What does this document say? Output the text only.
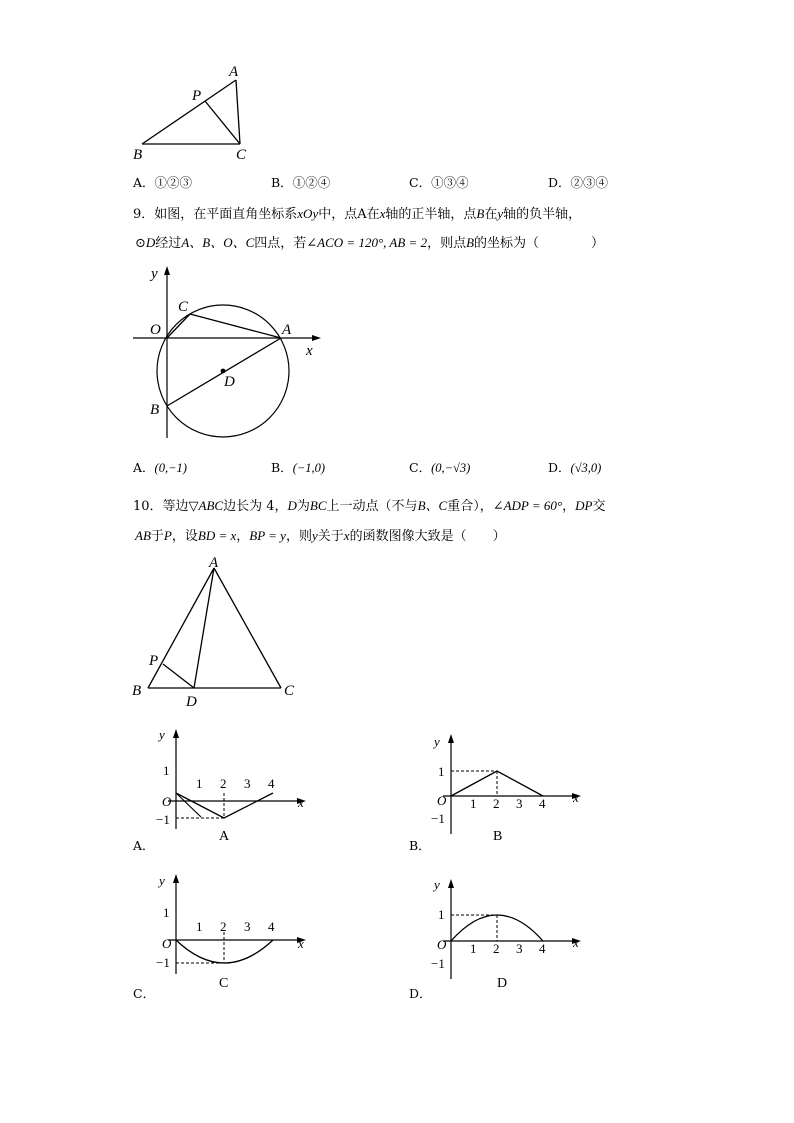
A
P
B	C
A．①②③	B．①②④	C．①③④	D．②③④
9．如图，在平面直角坐标系xOy中，点A在x轴的正半轴，点B在y轴的负半轴，
⊙D经过A、B、O、C四点，若∠ACO = 120°, AB = 2，则点B的坐标为（　　　　）
y
C
O	A
x
D
B
A．(0,−1)	B．(−1,0)	C．(0,−√3)	D．(√3,0)
10．等边▽ABC边长为 4，D为BC上一动点（不与B、C重合），∠ADP = 60°，DP交
AB于P，设BD = x，BP = y，则y关于x的函数图像大致是（　　）
A
P
B
D
C
y
1
1 2 3 4
O	x
−1
A．
A
y
1
O 1 2 3 4 x
−1
B．
B
y
1
1 2 3 4
O	x
−1
C．
C
y
1
O 1 2 3 4 x
−1
D．
D
